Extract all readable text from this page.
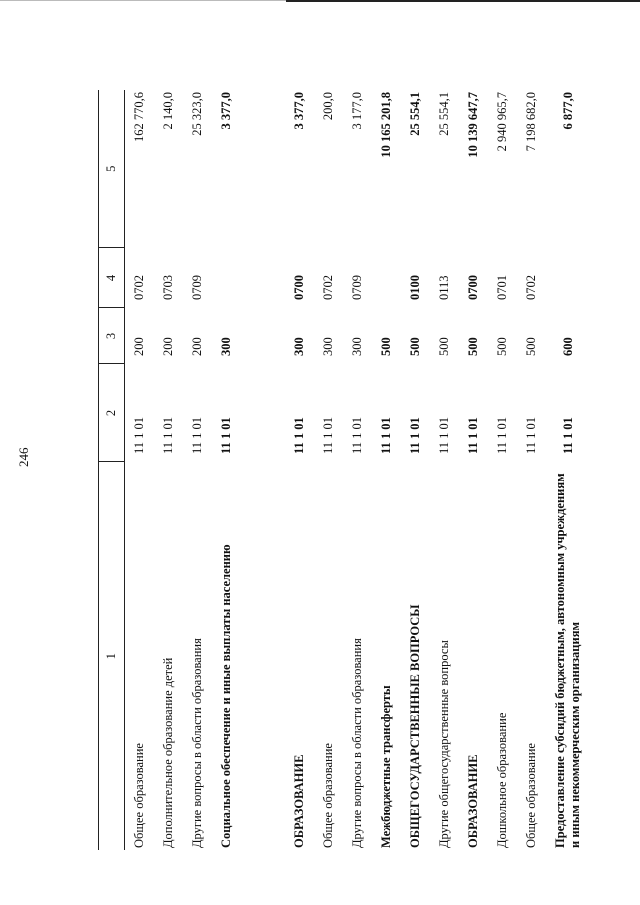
246
1	2	3	4	5
Общее образование	11 1 01	200	0702	162 770,6
Дополнительное образование детей	11 1 01	200	0703	2 140,0
Другие вопросы в области образования	11 1 01	200	0709	25 323,0
Социальное обеспечение и иные выплаты населению	11 1 01	300		3 377,0

ОБРАЗОВАНИЕ	11 1 01	300	0700	3 377,0
Общее образование	11 1 01	300	0702	200,0
Другие вопросы в области образования	11 1 01	300	0709	3 177,0
Межбюджетные трансферты	11 1 01	500		10 165 201,8
ОБЩЕГОСУДАРСТВЕННЫЕ ВОПРОСЫ	11 1 01	500	0100	25 554,1
Другие общегосударственные вопросы	11 1 01	500	0113	25 554,1
ОБРАЗОВАНИЕ	11 1 01	500	0700	10 139 647,7
Дошкольное образование	11 1 01	500	0701	2 940 965,7
Общее образование	11 1 01	500	0702	7 198 682,0
Предоставление субсидий бюджетным, автономным учреждениям и иным некоммерческим организациям	11 1 01	600		6 877,0
